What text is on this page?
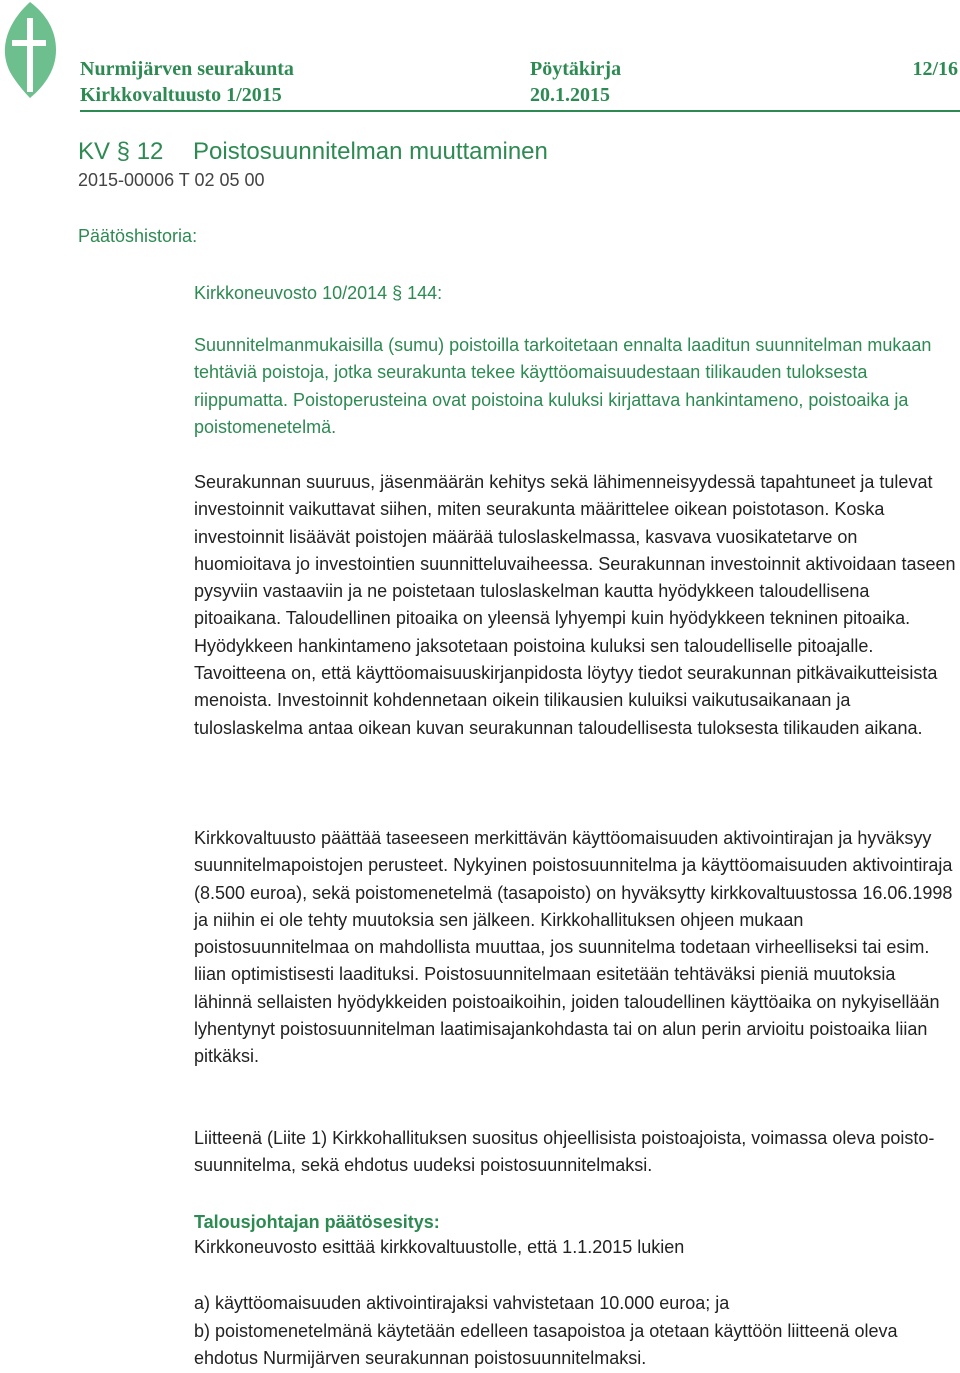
Nurmijärven seurakunta	Pöytäkirja	12/16
Kirkkovaltuusto 1/2015	20.1.2015
KV § 12 Poistosuunnitelman muuttaminen
2015-00006 T 02 05 00
Päätöshistoria:
Kirkkoneuvosto 10/2014 § 144:
Suunnitelmanmukaisilla (sumu) poistoilla tarkoitetaan ennalta laaditun suunnitelman mukaan tehtäviä poistoja, jotka seurakunta tekee käyttöomaisuudestaan tilikauden tuloksesta riippumatta. Poistoperusteina ovat poistoina kuluksi kirjattava hankintameno, poistoaika ja poistomenetelmä.
Seurakunnan suuruus, jäsenmäärän kehitys sekä lähimenneisyydessä tapahtuneet ja tulevat investoinnit vaikuttavat siihen, miten seurakunta määrittelee oikean poistotason. Koska investoinnit lisäävät poistojen määrää tuloslaskelmassa, kasvava vuosikatetarve on huomioitava jo investointien suunnitteluvaiheessa. Seurakunnan investoinnit aktivoidaan taseen pysyviin vastaaviin ja ne poistetaan tuloslaskelman kautta hyödykkeen taloudellisena pitoaikana. Taloudellinen pitoaika on yleensä lyhyempi kuin hyödykkeen tekninen pitoaika. Hyödykkeen hankintameno jaksotetaan poistoina kuluksi sen taloudelliselle pitoajalle. Tavoitteena on, että käyttöomaisuuskirjanpidosta löytyy tiedot seurakunnan pitkävaikutteisista menoista. Investoinnit kohdennetaan oikein tilikausien kuluiksi vaikutusaikanaan ja tuloslaskelma antaa oikean kuvan seurakunnan taloudellisesta tuloksesta tilikauden aikana.
Kirkkovaltuusto päättää taseeseen merkittävän käyttöomaisuuden aktivointirajan ja hyväksyy suunnitelmapoistojen perusteet. Nykyinen poistosuunnitelma ja käyttöomaisuuden aktivointiraja (8.500 euroa), sekä poistomenetelmä (tasapoisto) on hyväksytty kirkkovaltuustossa 16.06.1998 ja niihin ei ole tehty muutoksia sen jälkeen. Kirkkohallituksen ohjeen mukaan poistosuunnitelmaa on mahdollista muuttaa, jos suunnitelma todetaan virheelliseksi tai esim. liian optimistisesti laadituksi. Poistosuunnitelmaan esitetään tehtäväksi pieniä muutoksia lähinnä sellaisten hyödykkeiden poistoaikoihin, joiden taloudellinen käyttöaika on nykyisellään lyhentynyt poistosuunnitelman laatimisajankohdasta tai on alun perin arvioitu poistoaika liian pitkäksi.
Liitteenä (Liite 1) Kirkkohallituksen suositus ohjeellisista poistoajoista, voimassa oleva poisto- suunnitelma, sekä ehdotus uudeksi poistosuunnitelmaksi.
Talousjohtajan päätösesitys:
Kirkkoneuvosto esittää kirkkovaltuustolle, että 1.1.2015 lukien
a) käyttöomaisuuden aktivointirajaksi vahvistetaan 10.000 euroa; ja
b) poistomenetelmänä käytetään edelleen tasapoistoa ja otetaan käyttöön liitteenä oleva ehdotus Nurmijärven seurakunnan poistosuunnitelmaksi.
